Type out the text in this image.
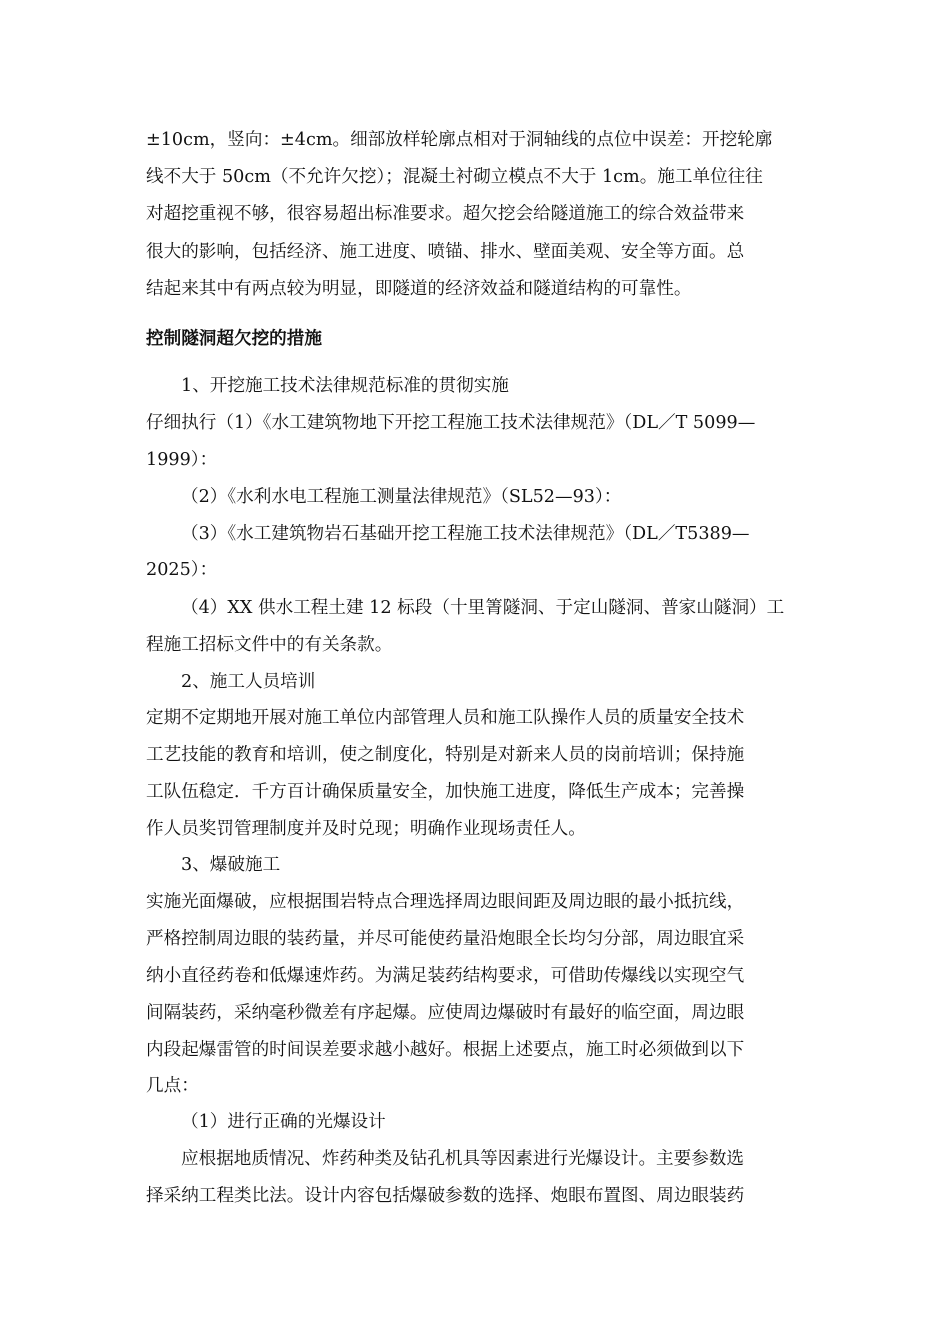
±10cm，竖向：±4cm。细部放样轮廓点相对于洞轴线的点位中误差：开挖轮廓
线不大于 50cm（不允许欠挖）；混凝土衬砌立模点不大于 1cm。施工单位往往
对超挖重视不够，很容易超出标准要求。超欠挖会给隧道施工的综合效益带来
很大的影响，包括经济、施工进度、喷锚、排水、壁面美观、安全等方面。总
结起来其中有两点较为明显，即隧道的经济效益和隧道结构的可靠性。
控制隧洞超欠挖的措施
1、开挖施工技术法律规范标准的贯彻实施
仔细执行（1）《水工建筑物地下开挖工程施工技术法律规范》（DL／T 5099—
1999）：
（2）《水利水电工程施工测量法律规范》（SL52—93）：
（3）《水工建筑物岩石基础开挖工程施工技术法律规范》（DL／T5389—
2025）：
（4）XX 供水工程土建 12 标段（十里箐隧洞、于定山隧洞、普家山隧洞）工
程施工招标文件中的有关条款。
2、施工人员培训
定期不定期地开展对施工单位内部管理人员和施工队操作人员的质量安全技术
工艺技能的教育和培训，使之制度化，特别是对新来人员的岗前培训；保持施
工队伍稳定．千方百计确保质量安全，加快施工进度，降低生产成本；完善操
作人员奖罚管理制度并及时兑现；明确作业现场责任人。
3、爆破施工
实施光面爆破，应根据围岩特点合理选择周边眼间距及周边眼的最小抵抗线，
严格控制周边眼的装药量，并尽可能使药量沿炮眼全长均匀分部，周边眼宜采
纳小直径药卷和低爆速炸药。为满足装药结构要求，可借助传爆线以实现空气
间隔装药，采纳毫秒微差有序起爆。应使周边爆破时有最好的临空面，周边眼
内段起爆雷管的时间误差要求越小越好。根据上述要点，施工时必须做到以下
几点：
（1）进行正确的光爆设计
应根据地质情况、炸药种类及钻孔机具等因素进行光爆设计。主要参数选
择采纳工程类比法。设计内容包括爆破参数的选择、炮眼布置图、周边眼装药
